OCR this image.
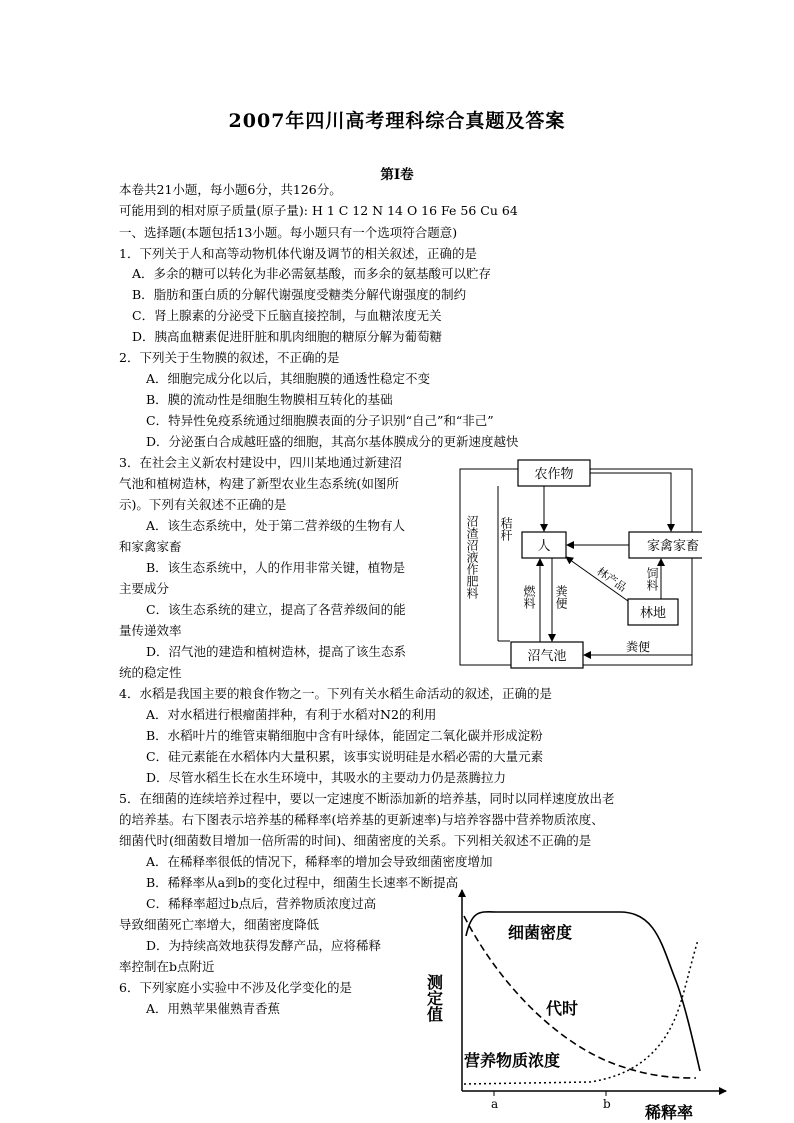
2007年四川高考理科综合真题及答案
第Ⅰ卷
本卷共21小题，每小题6分，共126分。
可能用到的相对原子质量(原子量): H 1 C 12 N 14 O 16 Fe 56 Cu 64
一、选择题(本题包括13小题。每小题只有一个选项符合题意)
1．下列关于人和高等动物机体代谢及调节的相关叙述，正确的是
A．多余的糖可以转化为非必需氨基酸，而多余的氨基酸可以贮存
B．脂肪和蛋白质的分解代谢强度受糖类分解代谢强度的制约
C．肾上腺素的分泌受下丘脑直接控制，与血糖浓度无关
D．胰高血糖素促进肝脏和肌肉细胞的糖原分解为葡萄糖
2．下列关于生物膜的叙述，不正确的是
A．细胞完成分化以后，其细胞膜的通透性稳定不变
B．膜的流动性是细胞生物膜相互转化的基础
C．特异性免疫系统通过细胞膜表面的分子识别“自己”和“非己”
D．分泌蛋白合成越旺盛的细胞，其高尔基体膜成分的更新速度越快
3．在社会主义新农村建设中，四川某地通过新建沼
气池和植树造林，构建了新型农业生态系统(如图所
示)。下列有关叙述不正确的是
A．该生态系统中，处于第二营养级的生物有人
和家禽家畜
B．该生态系统中，人的作用非常关键，植物是
主要成分
C．该生态系统的建立，提高了各营养级间的能
量传递效率
D．沼气池的建造和植树造林，提高了该生态系
统的稳定性
农作物
人	家禽家畜
林地
沼气池
沼渣沼液作肥料 秸秆
燃料 粪便
饲料
林产品
粪便
4．水稻是我国主要的粮食作物之一。下列有关水稻生命活动的叙述，正确的是
A．对水稻进行根瘤菌拌种，有利于水稻对N2的利用
B．水稻叶片的维管束鞘细胞中含有叶绿体，能固定二氧化碳并形成淀粉
C．硅元素能在水稻体内大量积累，该事实说明硅是水稻必需的大量元素
D．尽管水稻生长在水生环境中，其吸水的主要动力仍是蒸腾拉力
5．在细菌的连续培养过程中，要以一定速度不断添加新的培养基，同时以同样速度放出老
的培养基。右下图表示培养基的稀释率(培养基的更新速率)与培养容器中营养物质浓度、
细菌代时(细菌数目增加一倍所需的时间)、细菌密度的关系。下列相关叙述不正确的是
A．在稀释率很低的情况下，稀释率的增加会导致细菌密度增加
B．稀释率从a到b的变化过程中，细菌生长速率不断提高
C．稀释率超过b点后，营养物质浓度过高
导致细菌死亡率增大，细菌密度降低
D．为持续高效地获得发酵产品，应将稀释
率控制在b点附近
6．下列家庭小实验中不涉及化学变化的是
A．用熟苹果催熟青香蕉
a	b
细菌密度
代时
营养物质浓度
测定值
稀释率
